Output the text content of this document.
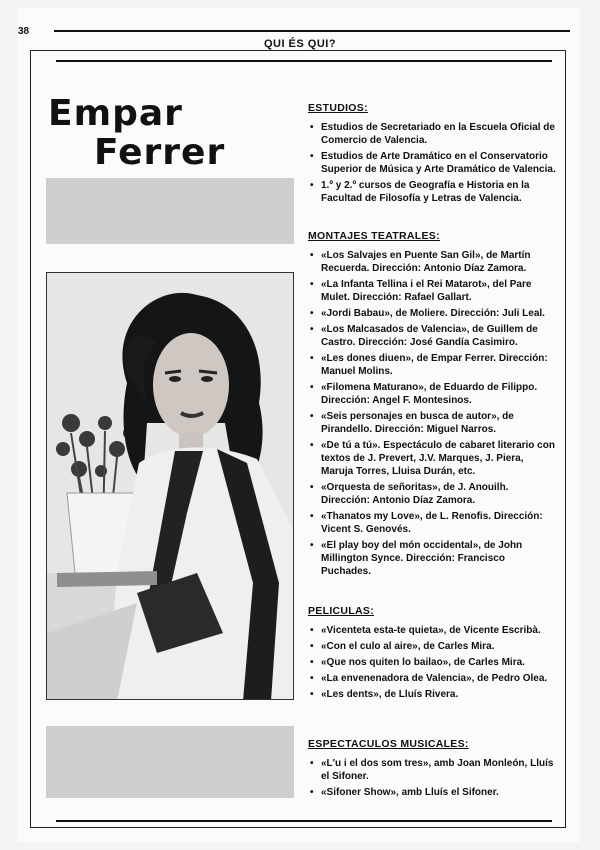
38
QUI ÉS QUI?
Empar
Ferrer
ESTUDIOS:
• Estudios de Secretariado en la Escuela Oficial de Comercio de Valencia.
• Estudios de Arte Dramático en el Conservatorio Superior de Música y Arte Dramático de Valencia.
• 1.º y 2.º cursos de Geografía e Historia en la Facultad de Filosofía y Letras de Valencia.
MONTAJES TEATRALES:
• «Los Salvajes en Puente San Gil», de Martín Recuerda. Dirección: Antonio Díaz Zamora.
• «La Infanta Tellina i el Rei Matarot», del Pare Mulet. Dirección: Rafael Gallart.
• «Jordi Babau», de Moliere. Dirección: Juli Leal.
• «Los Malcasados de Valencia», de Guillem de Castro. Dirección: José Gandía Casimiro.
• «Les dones diuen», de Empar Ferrer. Dirección: Manuel Molins.
• «Filomena Maturano», de Eduardo de Filippo. Dirección: Angel F. Montesinos.
• «Seis personajes en busca de autor», de Pirandello. Dirección: Miguel Narros.
• «De tú a tú». Espectáculo de cabaret literario con textos de J. Prevert, J.V. Marques, J. Piera, Maruja Torres, Lluisa Durán, etc.
• «Orquesta de señoritas», de J. Anouilh. Dirección: Antonio Díaz Zamora.
• «Thanatos my Love», de L. Renofis. Dirección: Vicent S. Genovés.
• «El play boy del món occidental», de John Millington Synce. Dirección: Francisco Puchades.
PELICULAS:
• «Vicenteta esta-te quieta», de Vicente Escribà.
• «Con el culo al aire», de Carles Mira.
• «Que nos quiten lo bailao», de Carles Mira.
• «La envenenadora de Valencia», de Pedro Olea.
• «Les dents», de Lluís Rivera.
ESPECTACULOS MUSICALES:
• «L'u i el dos som tres», amb Joan Monleón, Lluís el Sifoner.
• «Sifoner Show», amb Lluís el Sifoner.
